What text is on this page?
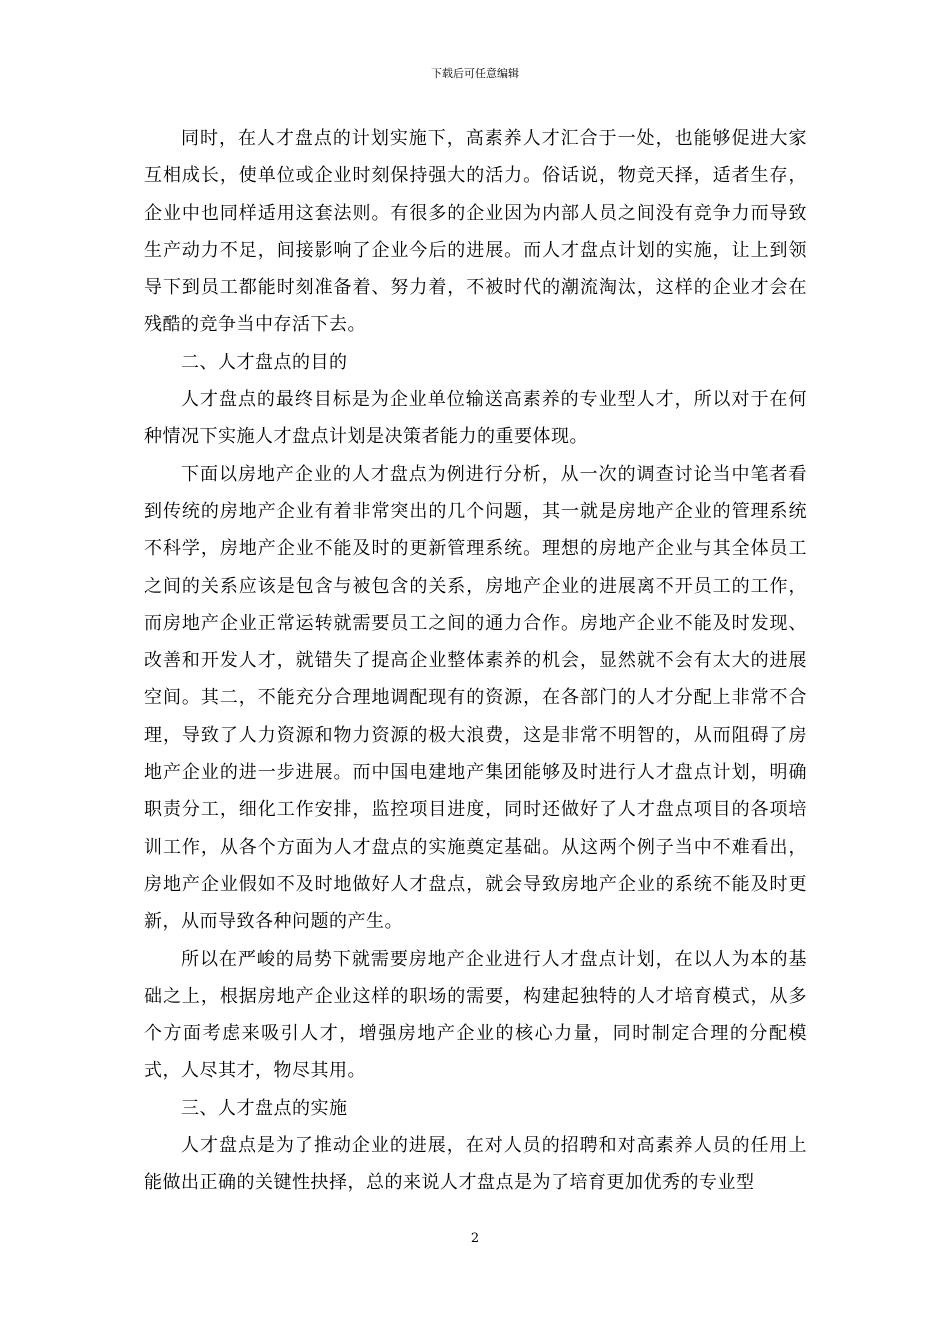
下载后可任意编辑

同时，在人才盘点的计划实施下，高素养人才汇合于一处，也能够促进大家互相成长，使单位或企业时刻保持强大的活力。俗话说，物竞天择，适者生存，企业中也同样适用这套法则。有很多的企业因为内部人员之间没有竞争力而导致生产动力不足，间接影响了企业今后的进展。而人才盘点计划的实施，让上到领导下到员工都能时刻准备着、努力着，不被时代的潮流淘汰，这样的企业才会在残酷的竞争当中存活下去。

二、人才盘点的目的

人才盘点的最终目标是为企业单位输送高素养的专业型人才，所以对于在何种情况下实施人才盘点计划是决策者能力的重要体现。

下面以房地产企业的人才盘点为例进行分析，从一次的调查讨论当中笔者看到传统的房地产企业有着非常突出的几个问题，其一就是房地产企业的管理系统不科学，房地产企业不能及时的更新管理系统。理想的房地产企业与其全体员工之间的关系应该是包含与被包含的关系，房地产企业的进展离不开员工的工作，而房地产企业正常运转就需要员工之间的通力合作。房地产企业不能及时发现、改善和开发人才，就错失了提高企业整体素养的机会，显然就不会有太大的进展空间。其二，不能充分合理地调配现有的资源，在各部门的人才分配上非常不合理，导致了人力资源和物力资源的极大浪费，这是非常不明智的，从而阻碍了房地产企业的进一步进展。而中国电建地产集团能够及时进行人才盘点计划，明确职责分工，细化工作安排，监控项目进度，同时还做好了人才盘点项目的各项培训工作，从各个方面为人才盘点的实施奠定基础。从这两个例子当中不难看出，房地产企业假如不及时地做好人才盘点，就会导致房地产企业的系统不能及时更新，从而导致各种问题的产生。

所以在严峻的局势下就需要房地产企业进行人才盘点计划，在以人为本的基础之上，根据房地产企业这样的职场的需要，构建起独特的人才培育模式，从多个方面考虑来吸引人才，增强房地产企业的核心力量，同时制定合理的分配模式，人尽其才，物尽其用。

三、人才盘点的实施

人才盘点是为了推动企业的进展，在对人员的招聘和对高素养人员的任用上能做出正确的关键性抉择，总的来说人才盘点是为了培育更加优秀的专业型

2
